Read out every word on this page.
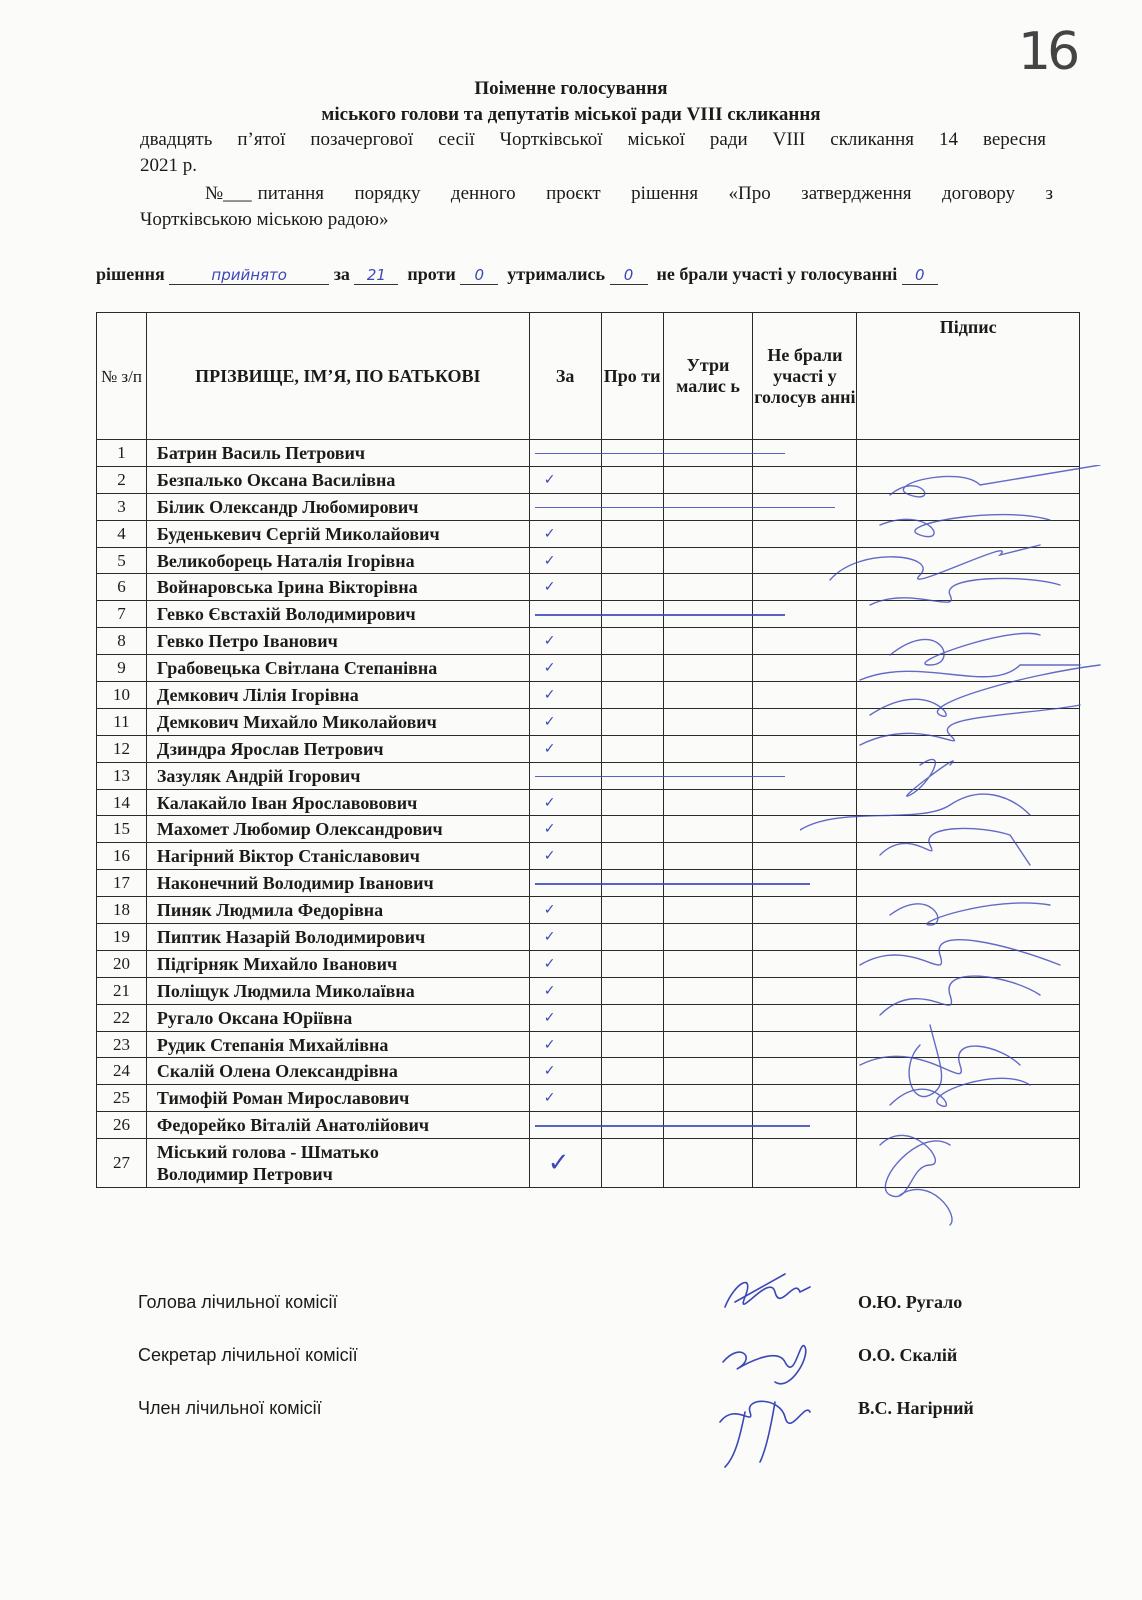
16
Поіменне голосування
міського голови та депутатів міської ради VIII скликання
двадцять п’ятої позачергової сесії Чортківської міської ради VIII скликання 14 вересня
2021 р.
№___ питання порядку денного проєкт рішення «Про затвердження договору з
Чортківською міською радою»
рішення	прийнято	за 21 проти 0 утримались 0 не брали участі у голосуванні 0
№ з/п	ПРІЗВИЩЕ, ІМ’Я, ПО БАТЬКОВІ	За	Про ти	Утри малис ь	Не брали участі у голосув анні	Підпис
1	Батрин Василь Петрович					
2	Безпалько Оксана Василівна	✓				
3	Білик Олександр Любомирович					
4	Буденькевич Сергій Миколайович	✓				
5	Великоборець Наталія Ігорівна	✓				
6	Войнаровська Ірина Вікторівна	✓				
7	Гевко Євстахій Володимирович					
8	Гевко Петро Іванович	✓				
9	Грабовецька Світлана Степанівна	✓				
10	Демкович Лілія Ігорівна	✓				
11	Демкович Михайло Миколайович	✓				
12	Дзиндра Ярослав Петрович	✓				
13	Зазуляк Андрій Ігорович					
14	Калакайло Іван Ярославовович	✓				
15	Махомет Любомир Олександрович	✓				
16	Нагірний Віктор Станіславович	✓				
17	Наконечний Володимир Іванович					
18	Пиняк Людмила Федорівна	✓				
19	Пиптик Назарій Володимирович	✓				
20	Підгірняк Михайло Іванович	✓				
21	Поліщук Людмила Миколаївна	✓				
22	Ругало Оксана Юріївна	✓				
23	Рудик Степанія Михайлівна	✓				
24	Скалій Олена Олександрівна	✓				
25	Тимофій Роман Мирославович	✓				
26	Федорейко Віталій Анатолійович					
27	Міський голова - Шматько
Володимир Петрович	✓				
Голова лічильної комісії	О.Ю. Ругало
Секретар лічильної комісії	О.О. Скалій
Член лічильної комісії	В.С. Нагірний
